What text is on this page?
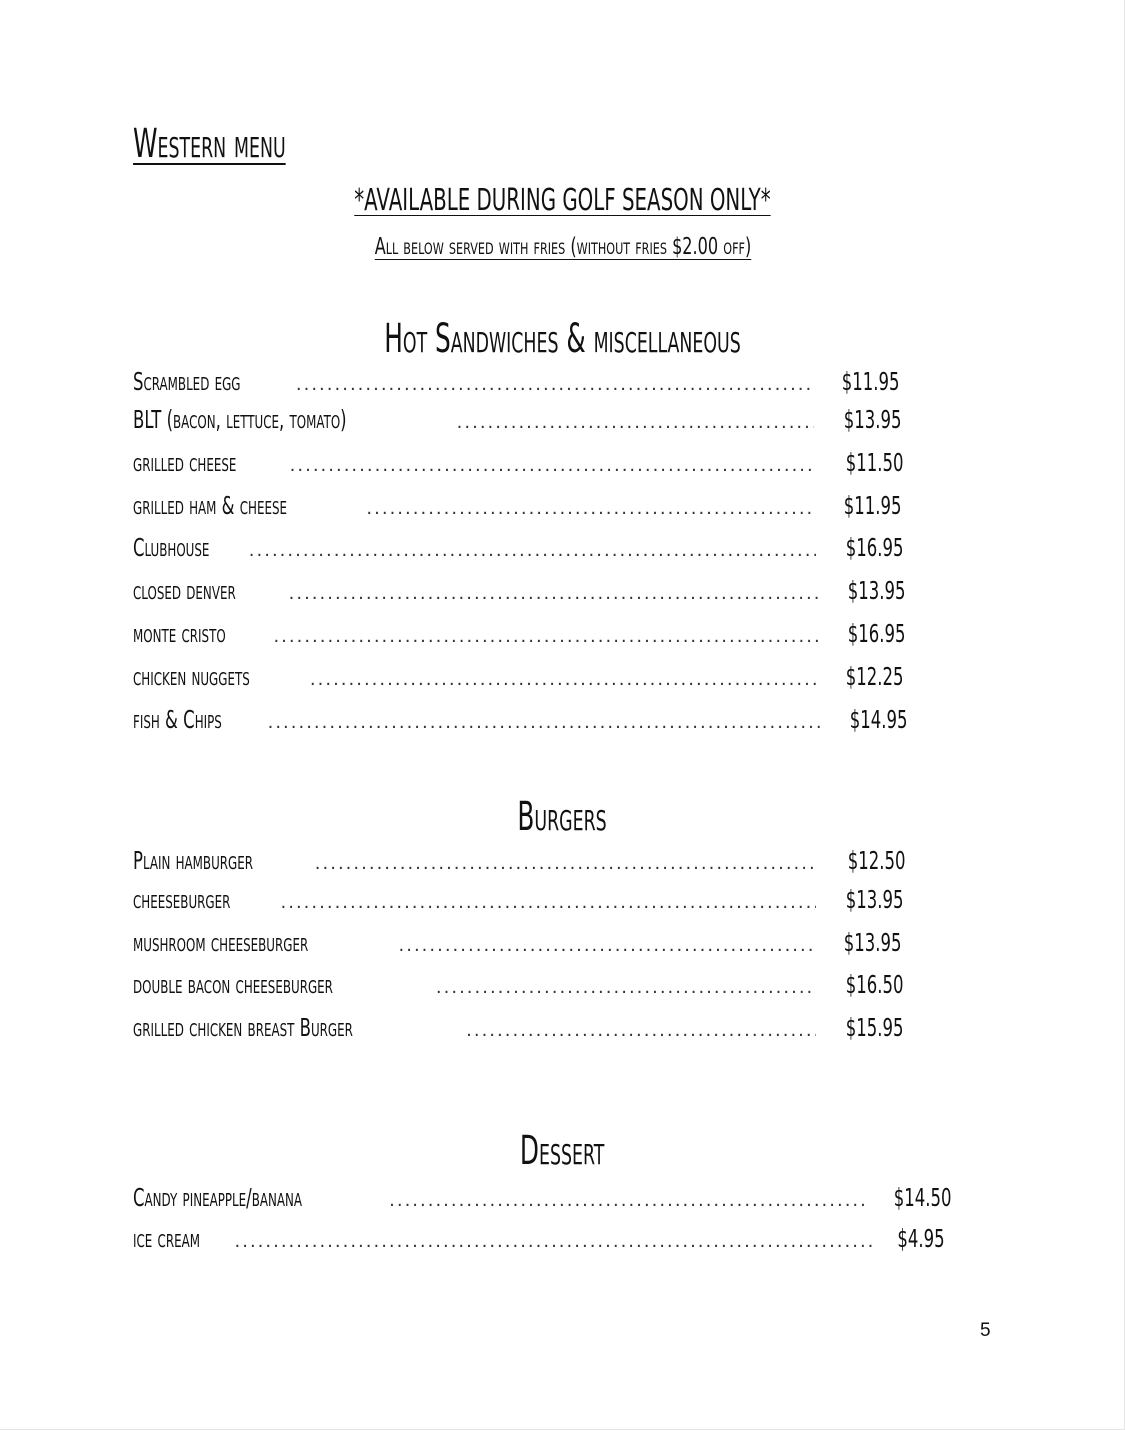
Western menu
*AVAILABLE DURING GOLF SEASON ONLY*
All below served with fries (without fries $2.00 off)
Hot Sandwiches & miscellaneous
Scrambled egg .....	$11.95
BLT (bacon, lettuce, tomato) .....	$13.95
grilled cheese .....	$11.50
grilled ham & cheese .....	$11.95
Clubhouse .....	$16.95
closed denver .....	$13.95
monte cristo .....	$16.95
chicken nuggets .....	$12.25
fish & Chips .....	$14.95
Burgers
Plain hamburger .....	$12.50
cheeseburger .....	$13.95
mushroom cheeseburger .....	$13.95
double bacon cheeseburger .....	$16.50
grilled chicken breast Burger .....	$15.95
Dessert
Candy pineapple/banana .....	$14.50
ice cream .....	$4.95
5
